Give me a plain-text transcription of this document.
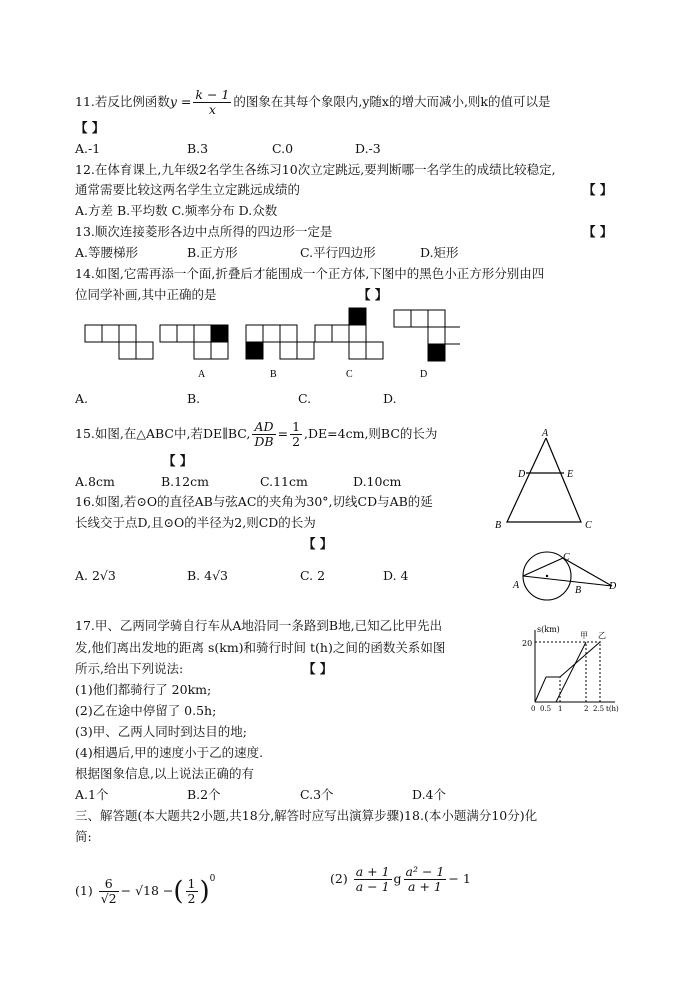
11.若反比例函数$y = \frac{k - 1}{x}$ 的图象在其每个象限内,y随x的增大而减小,则k的值可以是
【 】
A.-1	B.3	C.0	D.-3
12.在体育课上,九年级2名学生各练习10次立定跳远,要判断哪一名学生的成绩比较稳定,
通常需要比较这两名学生立定跳远成绩的	【 】
A.方差 B.平均数 C.频率分布 D.众数
13.顺次连接菱形各边中点所得的四边形一定是	【 】
A.等腰梯形	B.正方形	C.平行四边形	D.矩形
14.如图,它需再添一个面,折叠后才能围成一个正方体,下图中的黑色小正方形分别由四
位同学补画,其中正确的是	【 】
A	B	C	D
A.	B.	C.	D.
15.如图,在△ABC中,若DE∥BC, $\frac{AD}{DB} = \frac{1}{2} ,DE=4cm$,则BC的长为
【 】
A.8cm	B.12cm	C.11cm	D.10cm
A
D	E
B	C
16.如图,若⊙O的直径AB与弦AC的夹角为30°,切线CD与AB的延
长线交于点D,且⊙O的半径为2,则CD的长为
【 】
A. 2√3	B. 4√3	C. 2	D. 4
A
C
B	D
17.甲、乙两同学骑自行车从A地沿同一条路到B地,已知乙比甲先出
发,他们离出发地的距离 s(km)和骑行时间 t(h)之间的函数关系如图
所示,给出下列说法:	【 】
(1)他们都骑行了 20km;
(2)乙在途中停留了 0.5h;
(3)甲、乙两人同时到达目的地;
(4)相遇后,甲的速度小于乙的速度.
根据图象信息,以上说法正确的有
A.1个	B.2个	C.3个	D.4个
s(km)
20
甲 乙
0 0.5 1	2 2.5 t(h)
三、解答题(本大题共2小题,共18分,解答时应写出演算步骤)18.(本小题满分10分)化
简:
$(1) \frac{6}{√2} - √18$ −( $\frac{1}{2} )^0$	$(2) \frac{a + 1}{a - 1}$ g $\frac{\text{a² − 1}}{a + 1} - 1$
